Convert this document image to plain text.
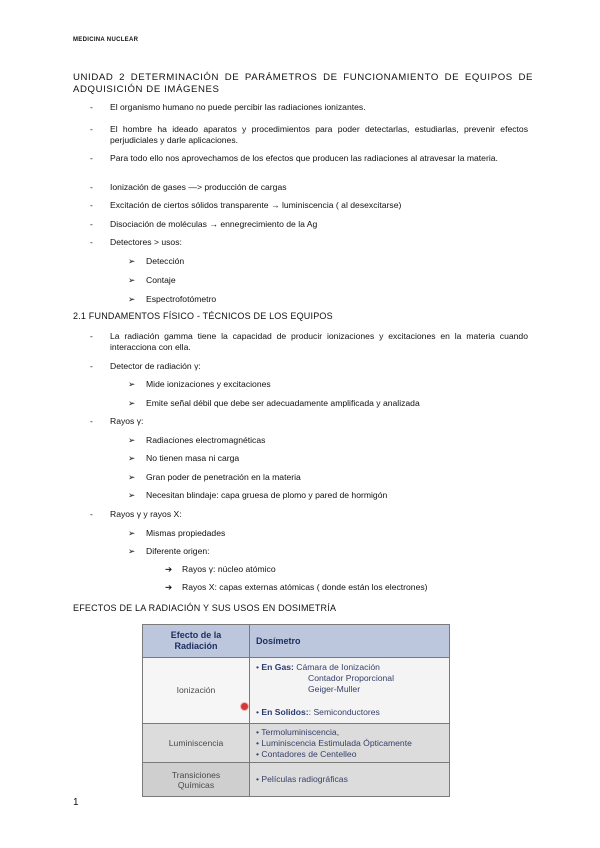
MEDICINA NUCLEAR
UNIDAD 2 DETERMINACIÓN DE PARÁMETROS DE FUNCIONAMIENTO DE EQUIPOS DE ADQUISICIÓN DE IMÁGENES
- El organismo humano no puede percibir las radiaciones ionizantes.
- El hombre ha ideado aparatos y procedimientos para poder detectarlas, estudiarlas, prevenir efectos perjudiciales y darle aplicaciones.
- Para todo ello nos aprovechamos de los efectos que producen las radiaciones al atravesar la materia.
- Ionización de gases —> producción de cargas
- Excitación de ciertos sólidos transparente → luminiscencia ( al desexcitarse)
- Disociación de moléculas → ennegrecimiento de la Ag
- Detectores > usos:
➢ Detección
➢ Contaje
➢ Espectrofotómetro
2.1 FUNDAMENTOS FÍSICO - TÉCNICOS DE LOS EQUIPOS
- La radiación gamma tiene la capacidad de producir ionizaciones y excitaciones en la materia cuando interacciona con ella.
- Detector de radiación γ:
➢ Mide ionizaciones y excitaciones
➢ Emite señal débil que debe ser adecuadamente amplificada y analizada
- Rayos γ:
➢ Radiaciones electromagnéticas
➢ No tienen masa ni carga
➢ Gran poder de penetración en la materia
➢ Necesitan blindaje: capa gruesa de plomo y pared de hormigón
- Rayos γ y rayos X:
➢ Mismas propiedades
➢ Diferente origen:
➔ Rayos γ: núcleo atómico
➔ Rayos X: capas externas atómicas ( donde están los electrones)
EFECTOS DE LA RADIACIÓN Y SUS USOS EN DOSIMETRÍA
Efecto de la
Radiación	Dosímetro
Ionización	• En Gas: Cámara de Ionización
Contador Proporcional
Geiger-Muller
• En Solidos:: Semiconductores

Luminiscencia	• Termoluminiscencia,
• Luminiscencia Estimulada Ópticamente
• Contadores de Centelleo

Transiciones
Químicas	• Películas radiográficas
1
